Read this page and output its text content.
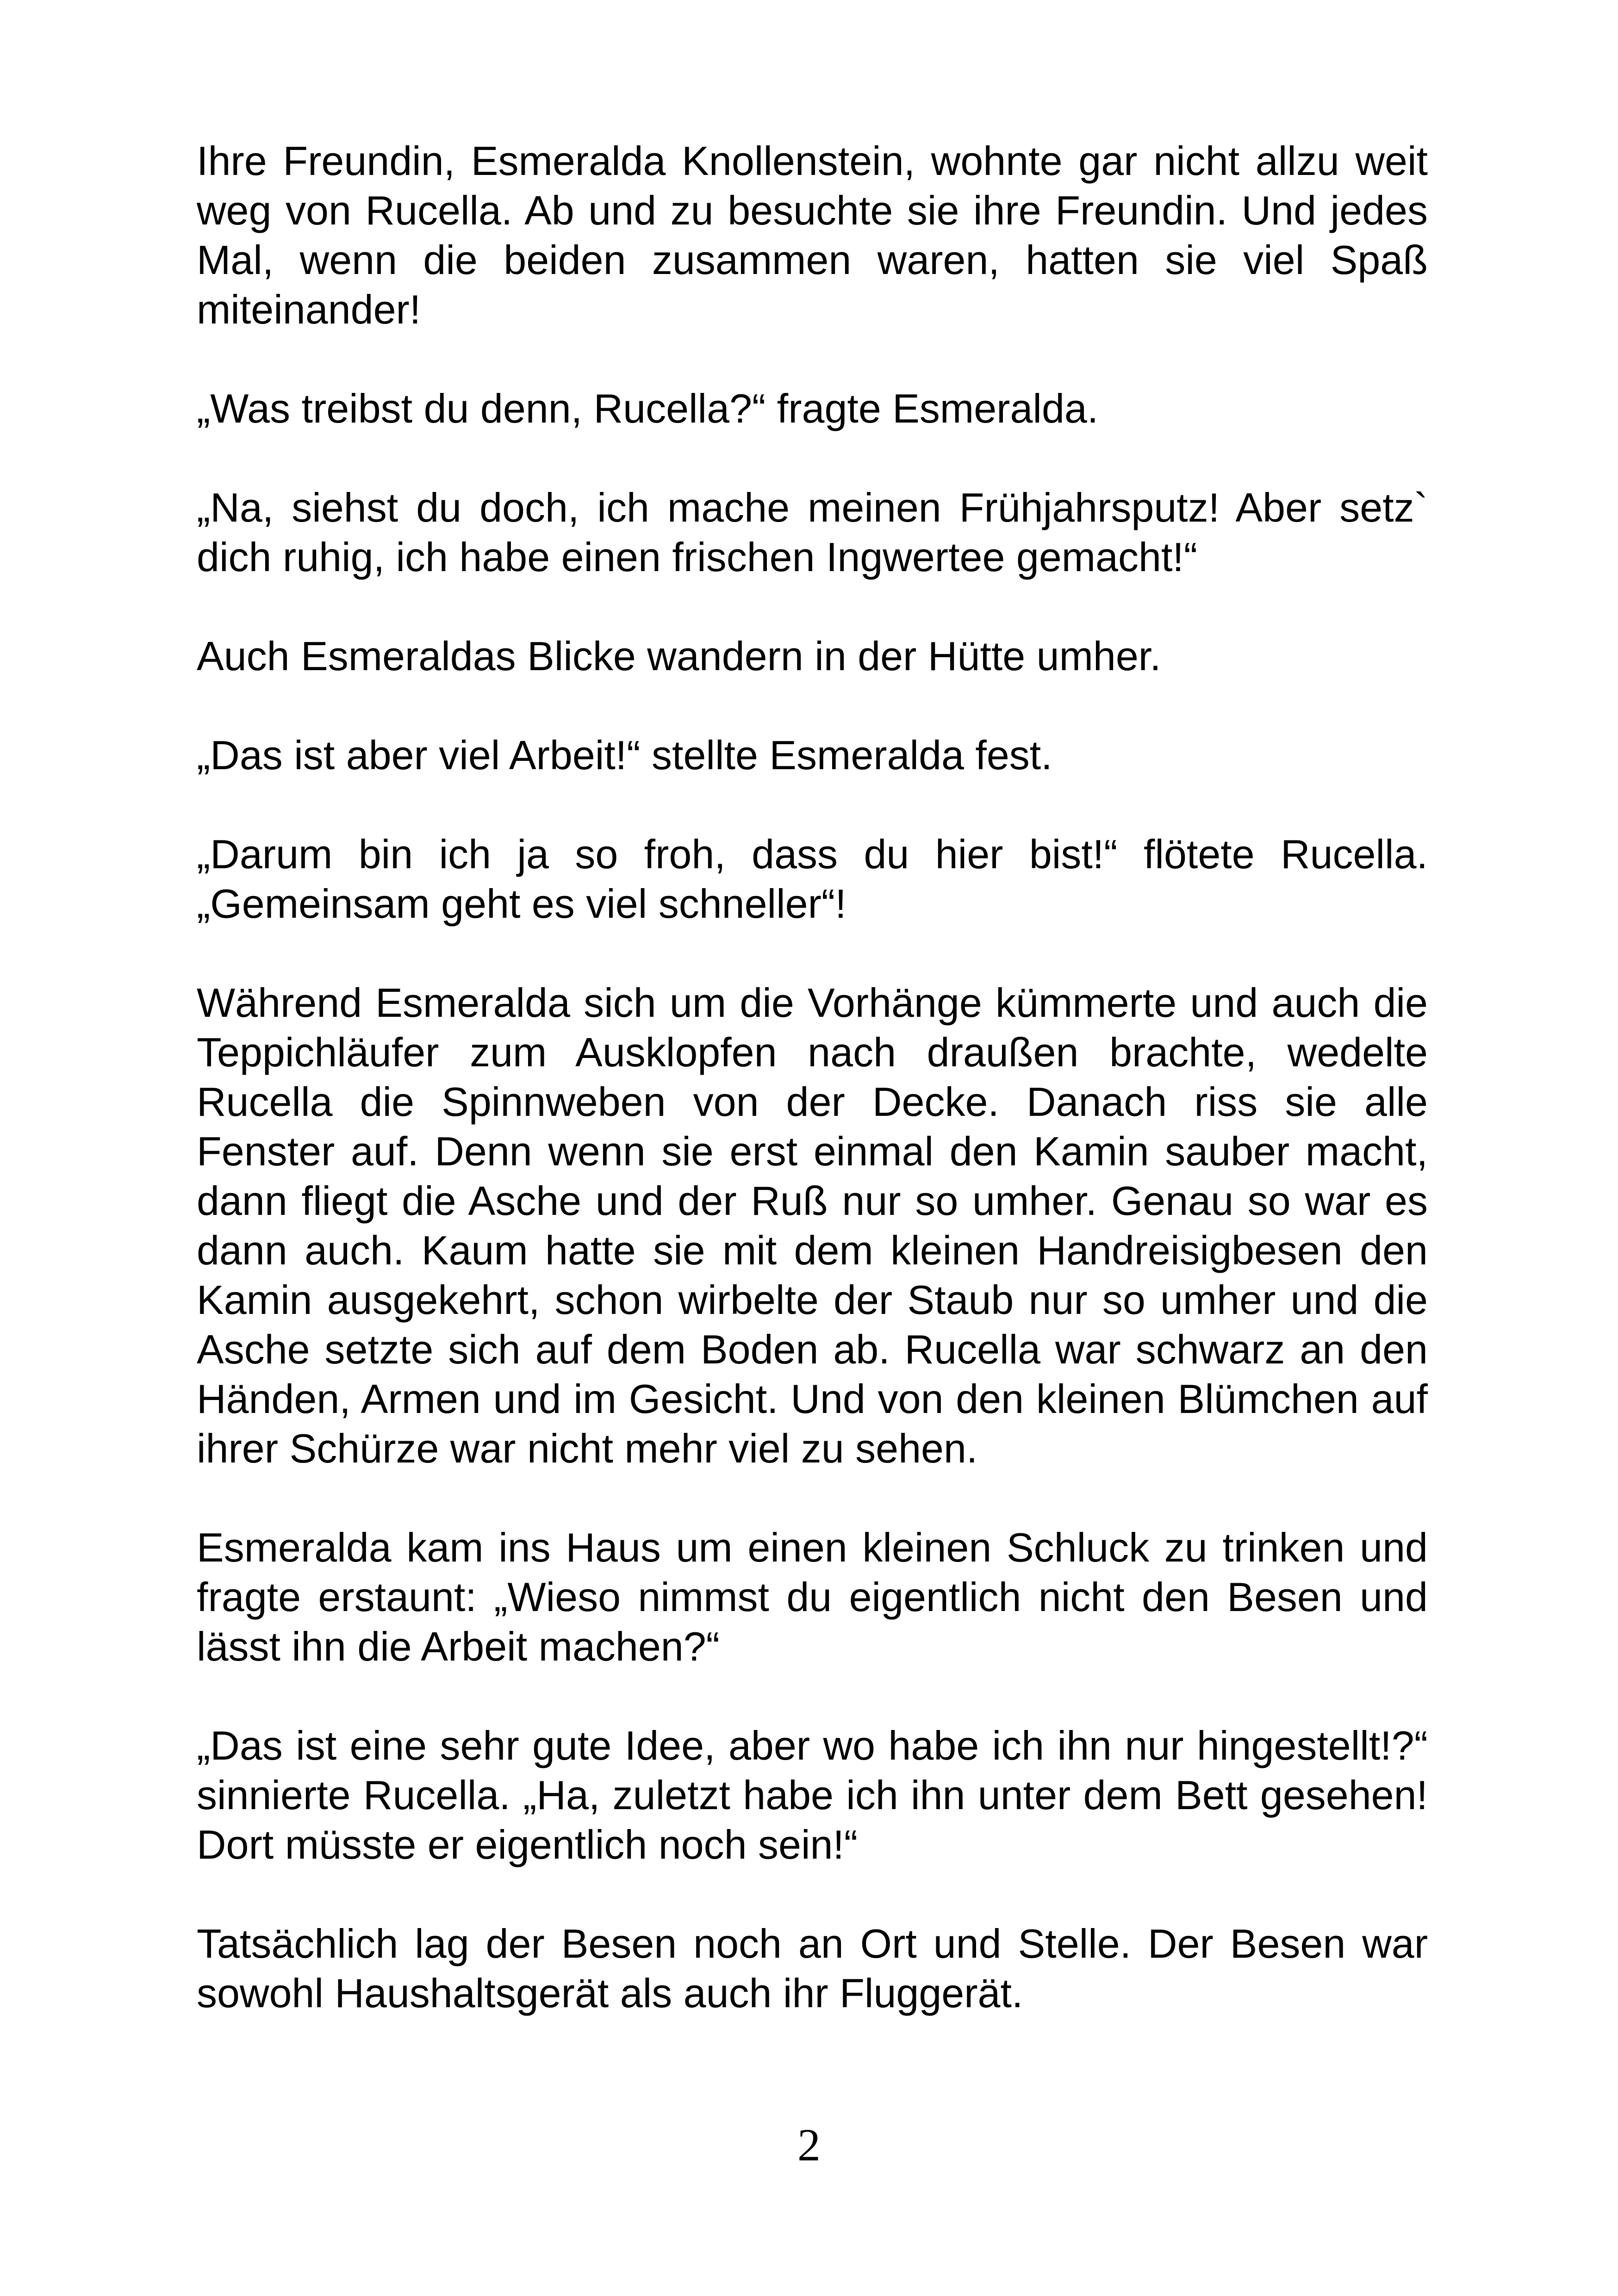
Ihre Freundin, Esmeralda Knollenstein, wohnte gar nicht allzu weit weg von Rucella. Ab und zu besuchte sie ihre Freundin. Und jedes Mal, wenn die beiden zusammen waren, hatten sie viel Spaß miteinander!

„Was treibst du denn, Rucella?“ fragte Esmeralda.

„Na, siehst du doch, ich mache meinen Frühjahrsputz! Aber setz` dich ruhig, ich habe einen frischen Ingwertee gemacht!“

Auch Esmeraldas Blicke wandern in der Hütte umher.

„Das ist aber viel Arbeit!“ stellte Esmeralda fest.

„Darum bin ich ja so froh, dass du hier bist!“ flötete Rucella. „Gemeinsam geht es viel schneller“!

Während Esmeralda sich um die Vorhänge kümmerte und auch die Teppichläufer zum Ausklopfen nach draußen brachte, wedelte Rucella die Spinnweben von der Decke. Danach riss sie alle Fenster auf. Denn wenn sie erst einmal den Kamin sauber macht, dann fliegt die Asche und der Ruß nur so umher. Genau so war es dann auch. Kaum hatte sie mit dem kleinen Handreisigbesen den Kamin ausgekehrt, schon wirbelte der Staub nur so umher und die Asche setzte sich auf dem Boden ab. Rucella war schwarz an den Händen, Armen und im Gesicht. Und von den kleinen Blümchen auf ihrer Schürze war nicht mehr viel zu sehen.

Esmeralda kam ins Haus um einen kleinen Schluck zu trinken und fragte erstaunt: „Wieso nimmst du eigentlich nicht den Besen und lässt ihn die Arbeit machen?“

„Das ist eine sehr gute Idee, aber wo habe ich ihn nur hingestellt!?“ sinnierte Rucella. „Ha, zuletzt habe ich ihn unter dem Bett gesehen! Dort müsste er eigentlich noch sein!“

Tatsächlich lag der Besen noch an Ort und Stelle. Der Besen war sowohl Haushaltsgerät als auch ihr Fluggerät.

2
